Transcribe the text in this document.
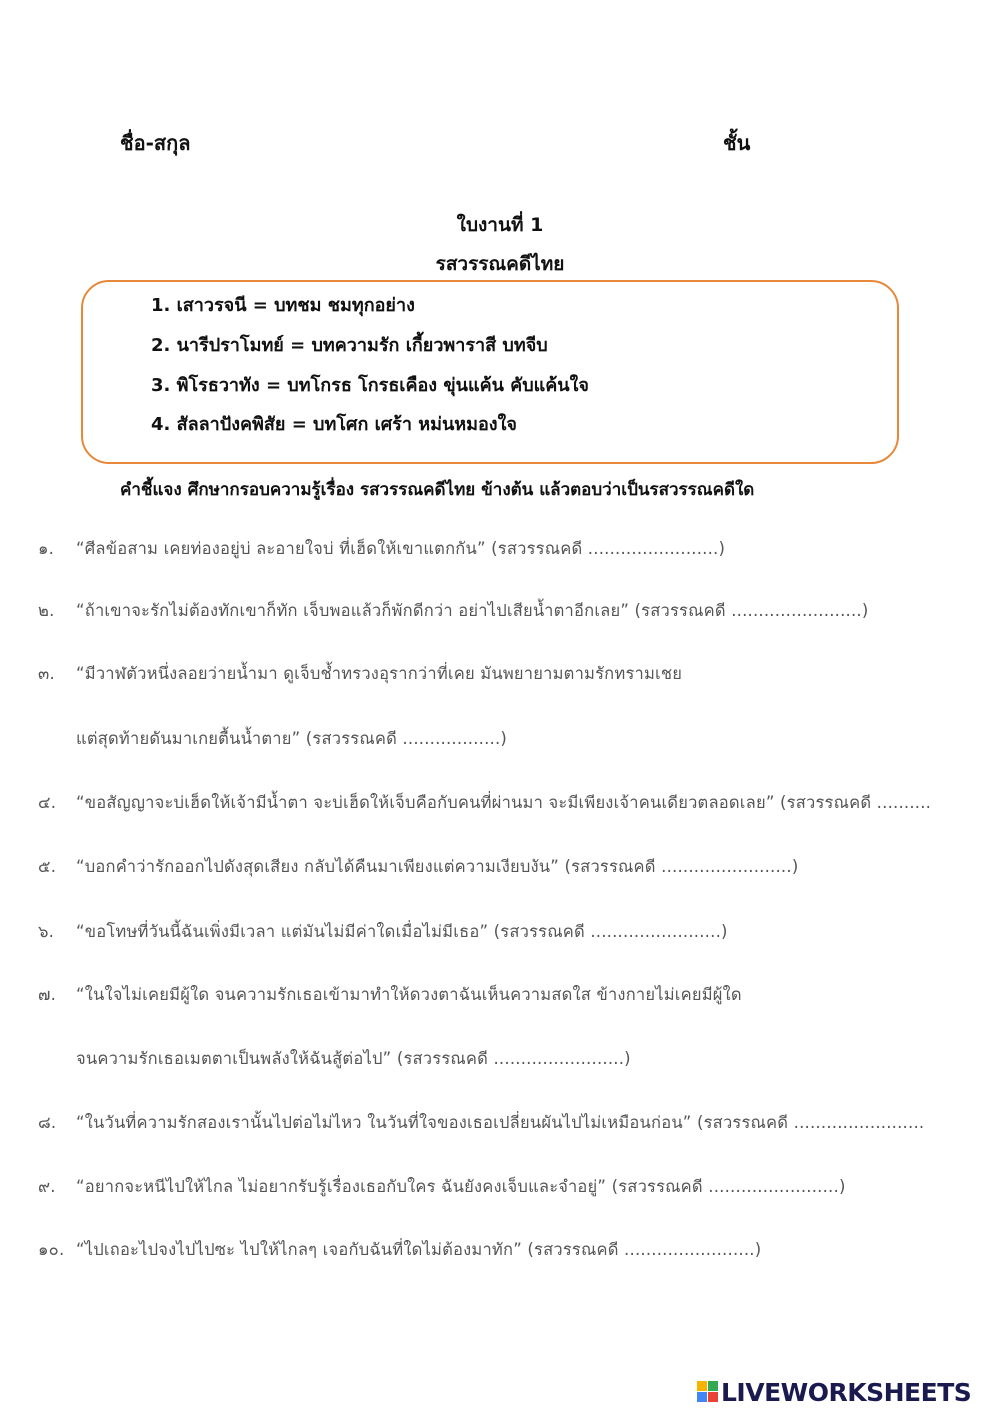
ชื่อ-สกุล	ชั้น
ใบงานที่ 1
รสวรรณคดีไทย
1. เสาวรจนี = บทชม ชมทุกอย่าง
2. นารีปราโมทย์ = บทความรัก เกี้ยวพาราสี บทจีบ
3. พิโรธวาทัง = บทโกรธ โกรธเคือง ขุ่นแค้น คับแค้นใจ
4. สัลลาปังคพิสัย = บทโศก เศร้า หม่นหมองใจ
คำชี้แจง ศึกษากรอบความรู้เรื่อง รสวรรณคดีไทย ข้างต้น แล้วตอบว่าเป็นรสวรรณคดีใด
๑. “ศีลข้อสาม เคยท่องอยู่บ่ ละอายใจบ่ ที่เฮ็ดให้เขาแตกกัน” (รสวรรณคดี ........................)
๒. “ถ้าเขาจะรักไม่ต้องทักเขาก็ทัก เจ็บพอแล้วก็พักดีกว่า อย่าไปเสียน้ำตาอีกเลย” (รสวรรณคดี ........................)
๓. “มีวาฬตัวหนึ่งลอยว่ายน้ำมา ดูเจ็บช้ำทรวงอุรากว่าที่เคย มันพยายามตามรักทรามเชย
แต่สุดท้ายดันมาเกยตื้นน้ำตาย” (รสวรรณคดี ..................)
๔. “ขอสัญญาจะบ่เฮ็ดให้เจ้ามีน้ำตา จะบ่เฮ็ดให้เจ็บคือกับคนที่ผ่านมา จะมีเพียงเจ้าคนเดียวตลอดเลย” (รสวรรณคดี ..........
๕. “บอกคำว่ารักออกไปดังสุดเสียง กลับได้คืนมาเพียงแต่ความเงียบงัน” (รสวรรณคดี ........................)
๖. “ขอโทษที่วันนี้ฉันเพิ่งมีเวลา แต่มันไม่มีค่าใดเมื่อไม่มีเธอ” (รสวรรณคดี ........................)
๗. “ในใจไม่เคยมีผู้ใด จนความรักเธอเข้ามาทำให้ดวงตาฉันเห็นความสดใส ข้างกายไม่เคยมีผู้ใด
จนความรักเธอเมตตาเป็นพลังให้ฉันสู้ต่อไป” (รสวรรณคดี ........................)
๘. “ในวันที่ความรักสองเรานั้นไปต่อไม่ไหว ในวันที่ใจของเธอเปลี่ยนผันไปไม่เหมือนก่อน” (รสวรรณคดี ........................
๙. “อยากจะหนีไปให้ไกล ไม่อยากรับรู้เรื่องเธอกับใคร ฉันยังคงเจ็บและจำอยู่” (รสวรรณคดี ........................)
๑๐. “ไปเถอะไปจงไปไปซะ ไปให้ไกลๆ เจอกับฉันที่ใดไม่ต้องมาทัก” (รสวรรณคดี ........................)
LIVEWORKSHEETS
